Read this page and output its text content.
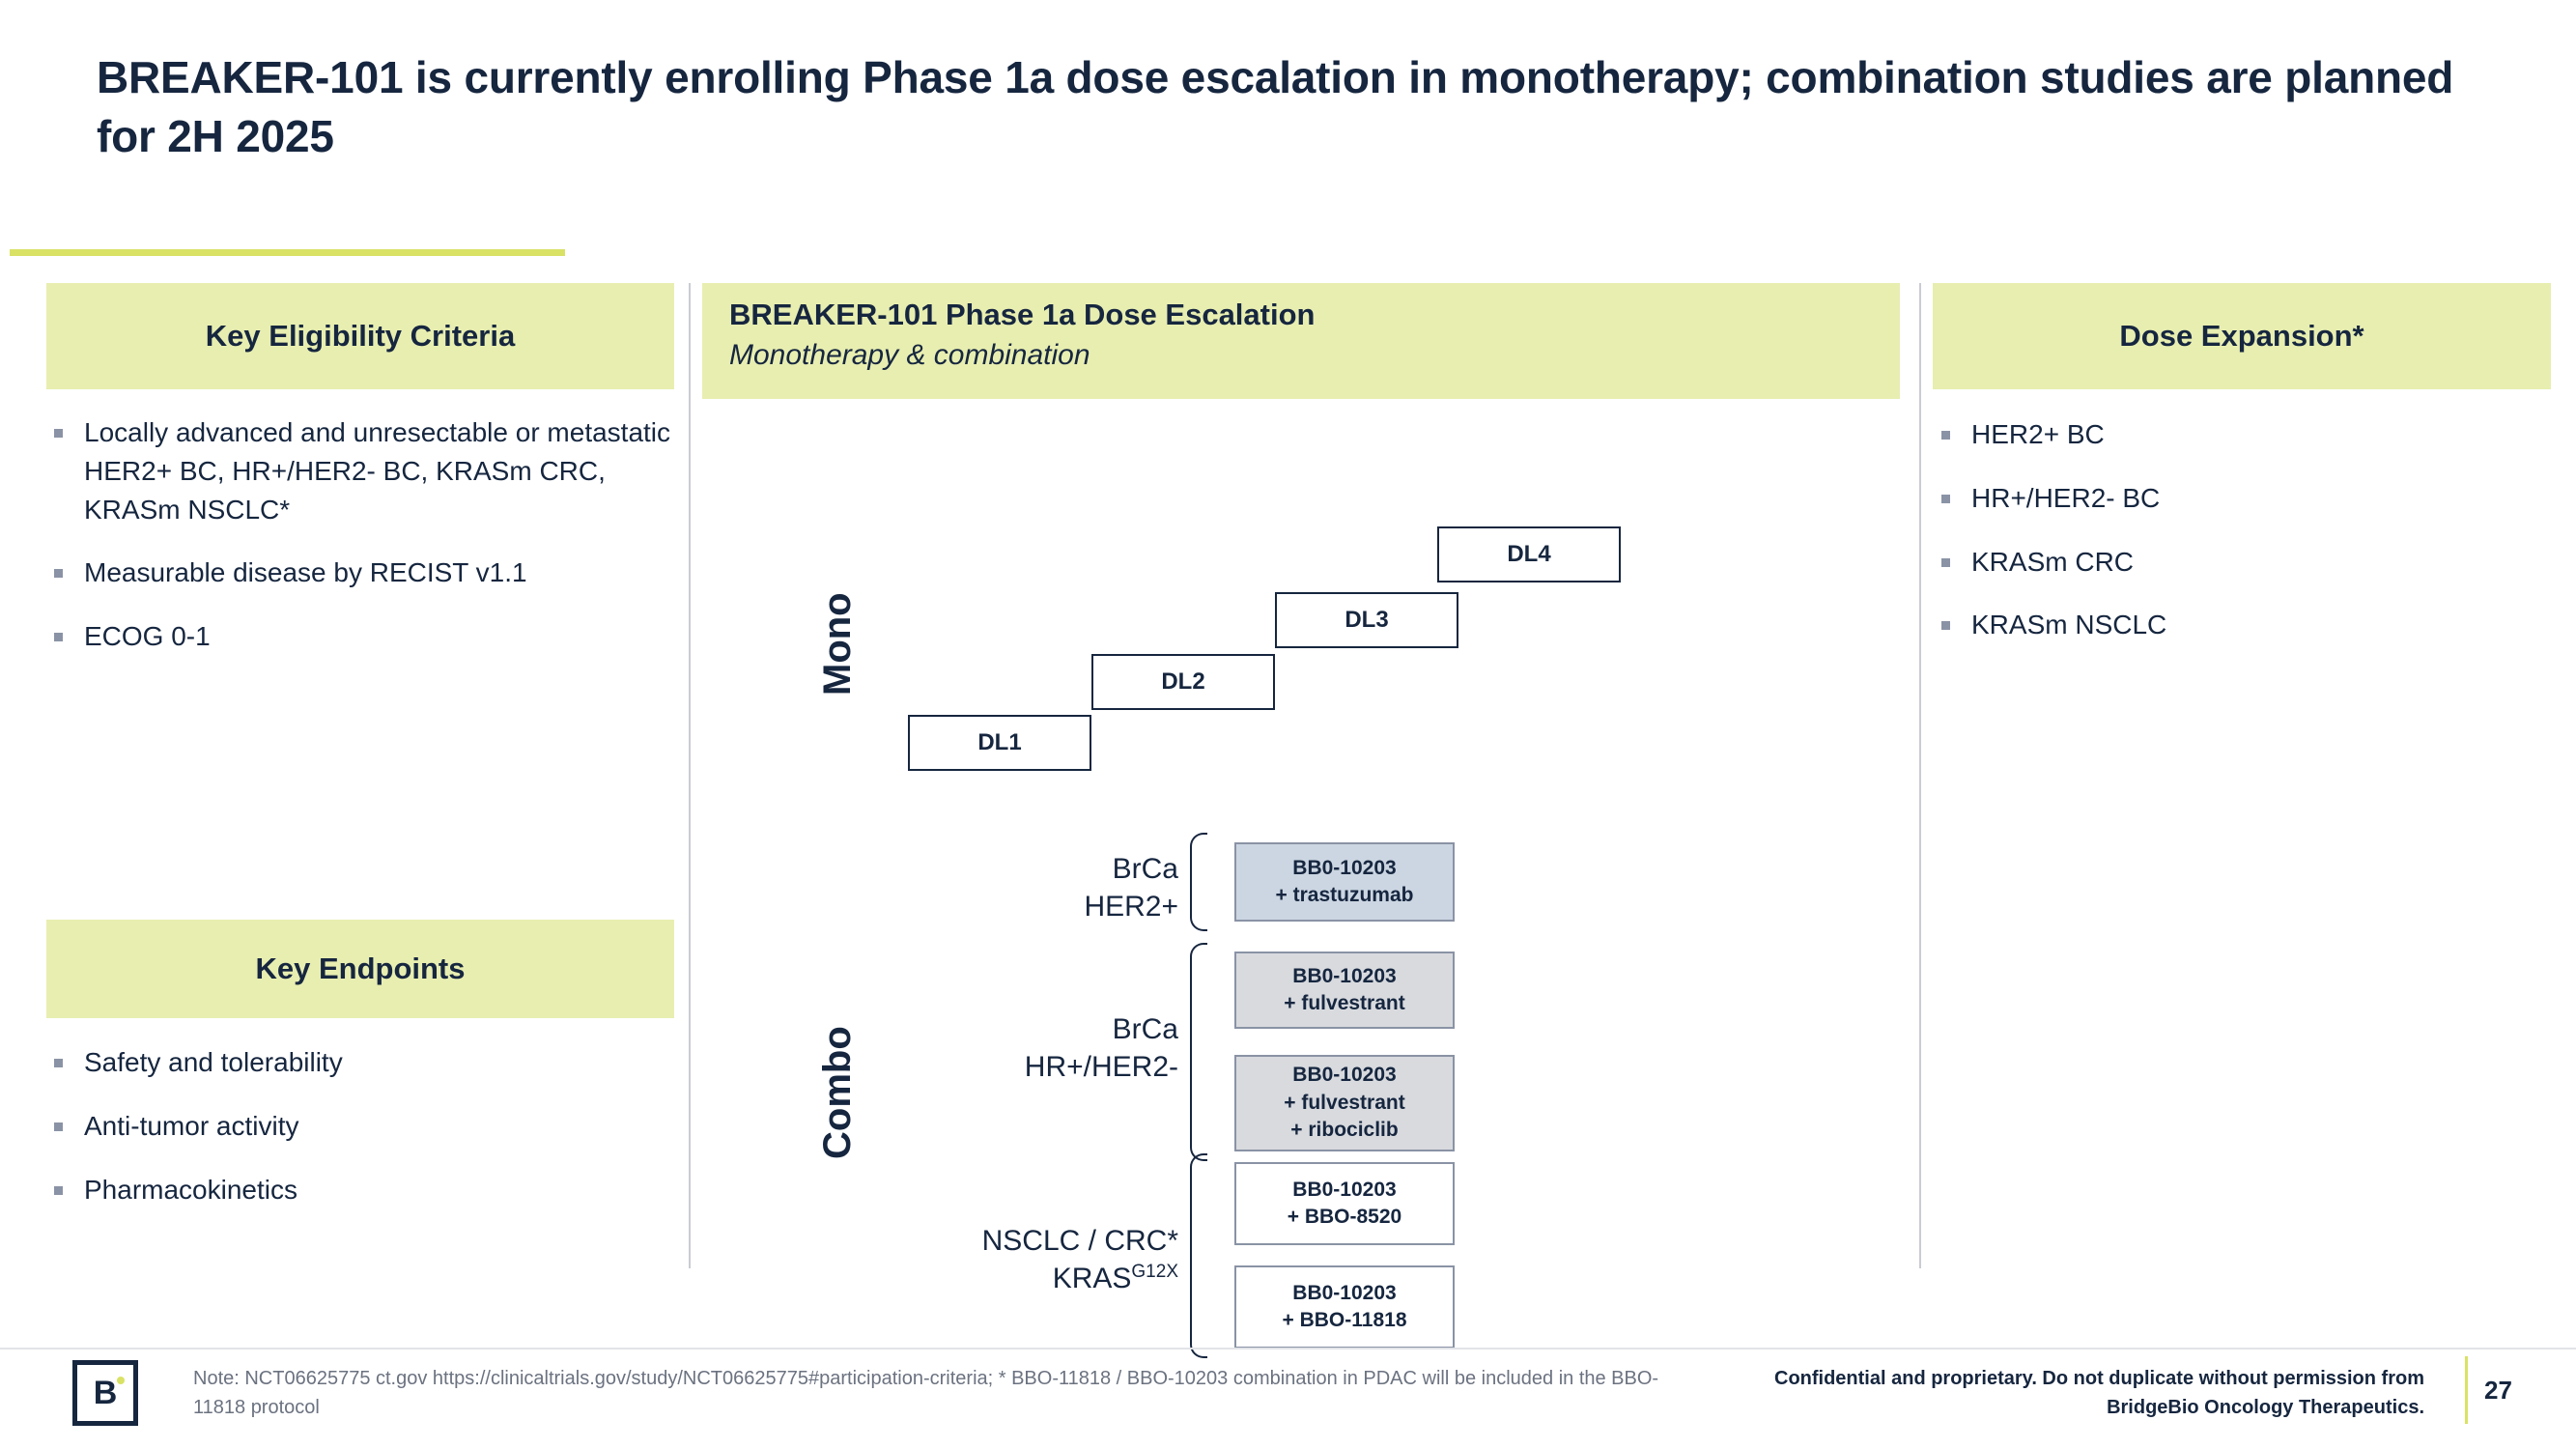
BREAKER-101 is currently enrolling Phase 1a dose escalation in monotherapy; combination studies are planned for 2H 2025
Key Eligibility Criteria
Locally advanced and unresectable or metastatic HER2+ BC, HR+/HER2- BC, KRASm CRC, KRASm NSCLC*
Measurable disease by RECIST v1.1
ECOG 0-1
Key Endpoints
Safety and tolerability
Anti-tumor activity
Pharmacokinetics
BREAKER-101 Phase 1a Dose Escalation
Monotherapy & combination
Mono
Combo
DL1
DL2
DL3
DL4
BrCa
HER2+
BrCa
HR+/HER2-
NSCLC / CRC*
$KRAS^{G12X}$
BB0-10203
+ trastuzumab
BB0-10203
+ fulvestrant
BB0-10203
+ fulvestrant
+ ribociclib
BB0-10203
+ BBO-8520
BB0-10203
+ BBO-11818
Dose Expansion*
HER2+ BC
HR+/HER2- BC
KRASm CRC
KRASm NSCLC
B	Note: NCT06625775 ct.gov https://clinicaltrials.gov/study/NCT06625775#participation-criteria; * BBO-11818 / BBO-10203 combination in PDAC will be included in the BBO-11818 protocol
Confidential and proprietary. Do not duplicate without permission from BridgeBio Oncology Therapeutics.
27
